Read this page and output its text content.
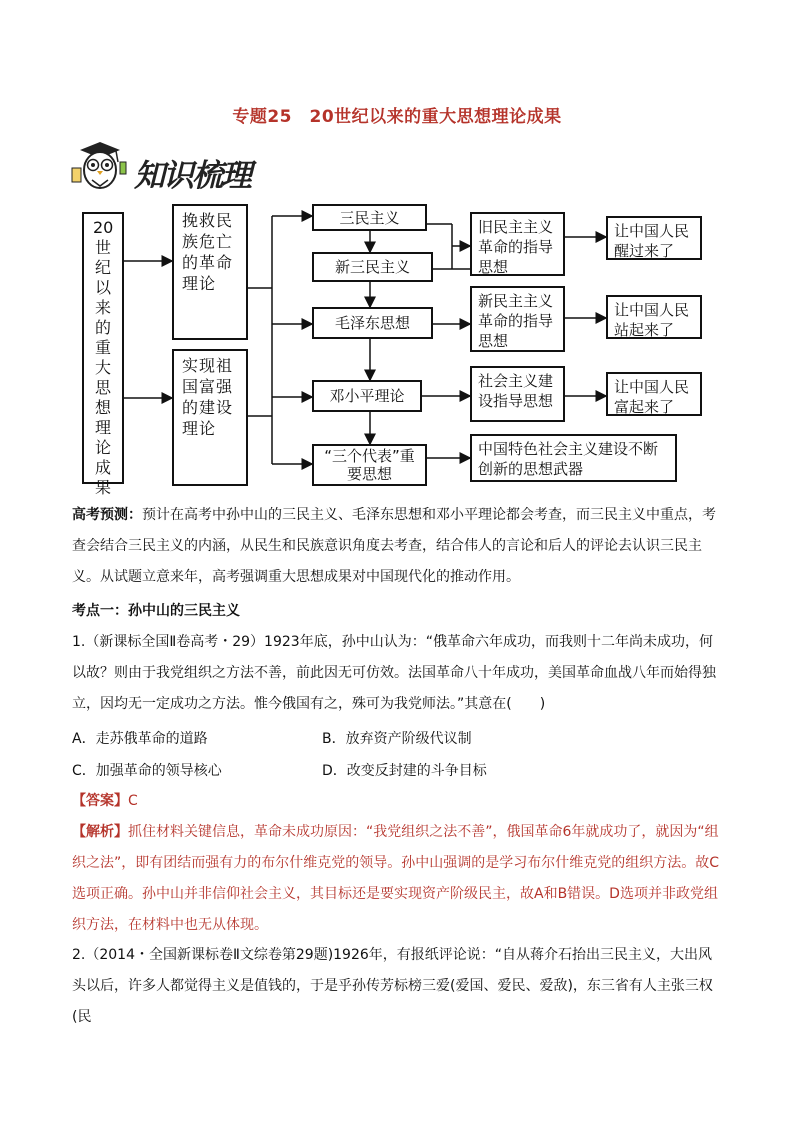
专题25　20世纪以来的重大思想理论成果
知识梳理
20世纪以来的重大思想理论成果
挽救民族危亡的革命理论
实现祖国富强的建设理论
三民主义
新三民主义
毛泽东思想
邓小平理论
“三个代表”重要思想
旧民主主义革命的指导思想
新民主主义革命的指导思想
社会主义建设指导思想
中国特色社会主义建设不断创新的思想武器
让中国人民醒过来了
让中国人民站起来了
让中国人民富起来了
高考预测：预计在高考中孙中山的三民主义、毛泽东思想和邓小平理论都会考查，而三民主义中重点，考查会结合三民主义的内涵，从民生和民族意识角度去考查，结合伟人的言论和后人的评论去认识三民主义。从试题立意来年，高考强调重大思想成果对中国现代化的推动作用。
考点一：孙中山的三民主义
1.（新课标全国Ⅱ卷高考・29）1923年底，孙中山认为：“俄革命六年成功，而我则十二年尚未成功，何以故？则由于我党组织之方法不善，前此因无可仿效。法国革命八十年成功，美国革命血战八年而始得独立，因均无一定成功之方法。惟今俄国有之，殊可为我党师法。”其意在(　　)
A．走苏俄革命的道路	B．放弃资产阶级代议制
C．加强革命的领导核心	D．改变反封建的斗争目标
【答案】C
【解析】抓住材料关键信息，革命未成功原因：“我党组织之法不善”，俄国革命6年就成功了，就因为“组织之法”，即有团结而强有力的布尔什维克党的领导。孙中山强调的是学习布尔什维克党的组织方法。故C选项正确。孙中山并非信仰社会主义，其目标还是要实现资产阶级民主，故A和B错误。D选项并非政党组织方法，在材料中也无从体现。
2.（2014・全国新课标卷Ⅱ文综卷第29题)1926年，有报纸评论说：“自从蒋介石抬出三民主义，大出风头以后，许多人都觉得主义是值钱的，于是乎孙传芳标榜三爱(爱国、爱民、爱敌)，东三省有人主张三权(民
